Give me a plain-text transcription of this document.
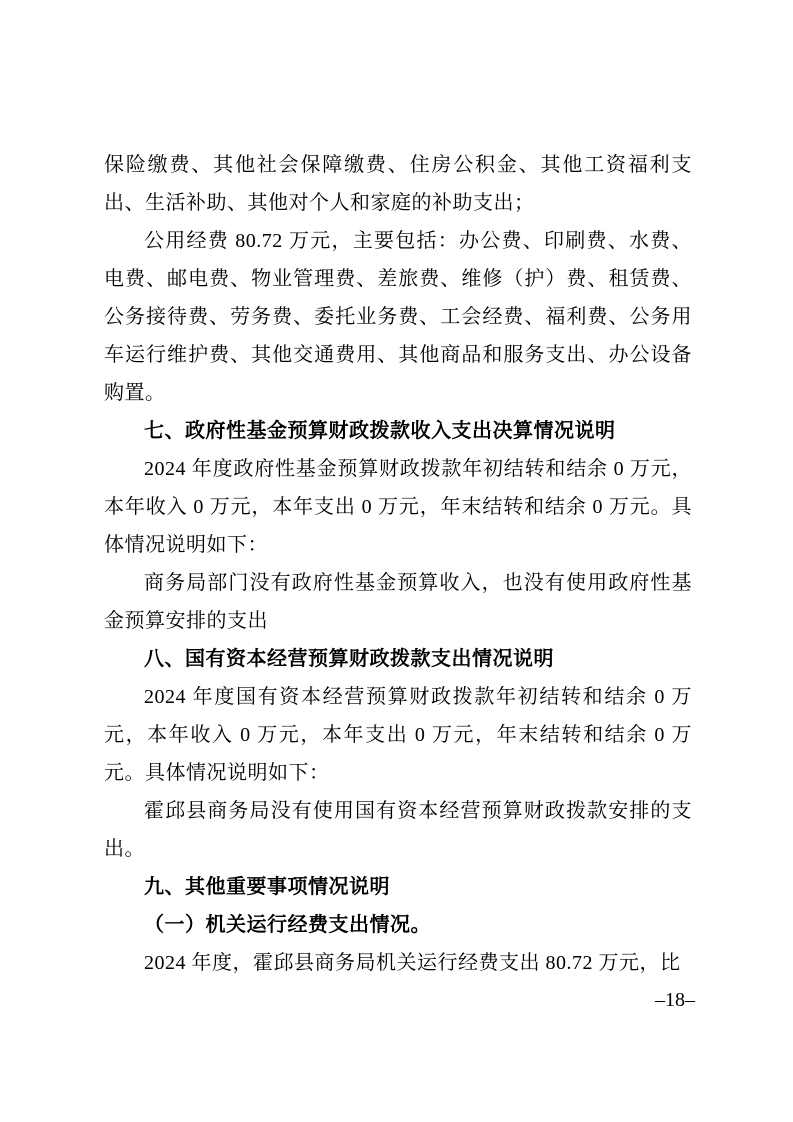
保险缴费、其他社会保障缴费、住房公积金、其他工资福利支出、生活补助、其他对个人和家庭的补助支出；

公用经费 80.72 万元，主要包括：办公费、印刷费、水费、电费、邮电费、物业管理费、差旅费、维修（护）费、租赁费、公务接待费、劳务费、委托业务费、工会经费、福利费、公务用车运行维护费、其他交通费用、其他商品和服务支出、办公设备购置。

七、政府性基金预算财政拨款收入支出决算情况说明

2024 年度政府性基金预算财政拨款年初结转和结余 0 万元，本年收入 0 万元，本年支出 0 万元，年末结转和结余 0 万元。具体情况说明如下：

商务局部门没有政府性基金预算收入，也没有使用政府性基金预算安排的支出

八、国有资本经营预算财政拨款支出情况说明

2024 年度国有资本经营预算财政拨款年初结转和结余 0 万元，本年收入 0 万元，本年支出 0 万元，年末结转和结余 0 万元。具体情况说明如下：

霍邱县商务局没有使用国有资本经营预算财政拨款安排的支出。

九、其他重要事项情况说明

（一）机关运行经费支出情况。

2024 年度，霍邱县商务局机关运行经费支出 80.72 万元，比

–18–
